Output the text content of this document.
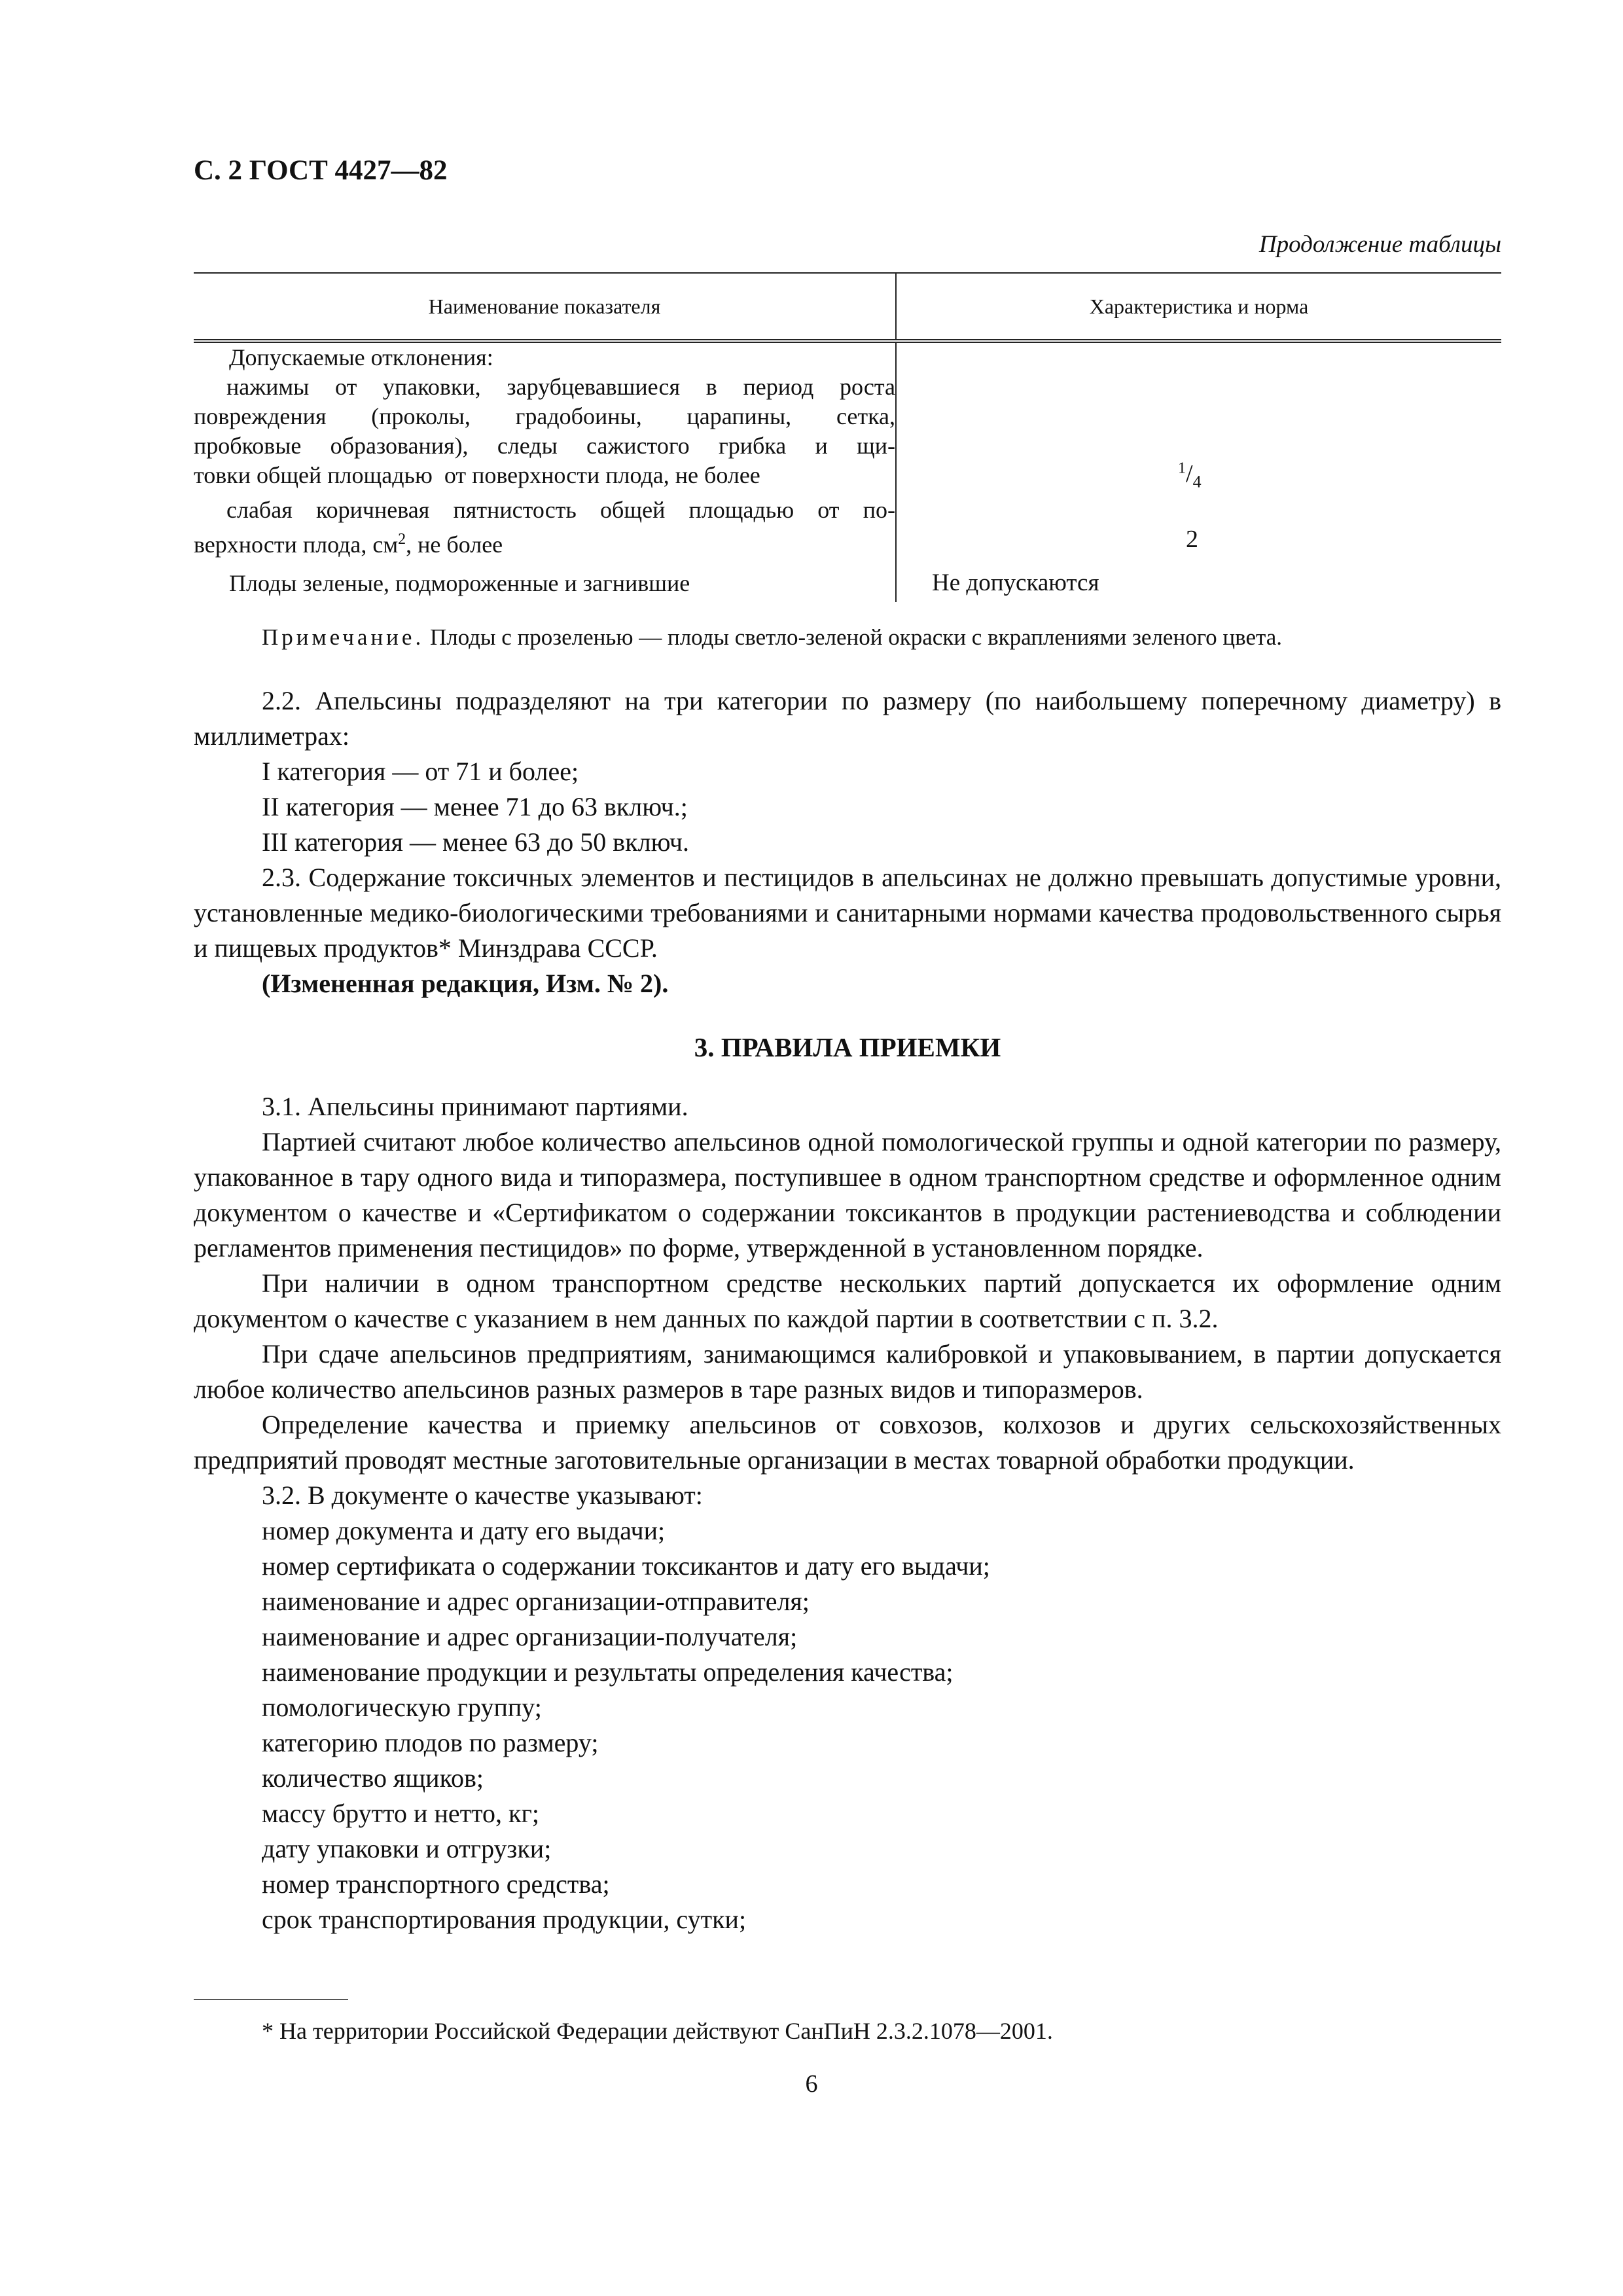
С. 2 ГОСТ 4427—82
Продолжение таблицы
Наименование показателя	Характеристика и норма
Допускаемые отклонения:
нажимы от упаковки, зарубцевавшиеся в период роста
повреждения (проколы, градобоины, царапины, сетка,
пробковые образования), следы сажистого грибка и щи-
товки общей площадью  от поверхности плода, не более
слабая коричневая пятнистость общей площадью от по-
верхности плода, $см^2$, не более
Плоды зеленые, подмороженные и загнившие
$^1/_4$
2
Не допускаются
Примечание. Плоды с прозеленью — плоды светло-зеленой окраски с вкраплениями зеленого цвета.
2.2. Апельсины подразделяют на три категории по размеру (по наибольшему поперечному диаметру) в миллиметрах:
I категория — от 71 и более;
II категория — менее 71 до 63 включ.;
III категория — менее 63 до 50 включ.
2.3. Содержание токсичных элементов и пестицидов в апельсинах не должно превышать допустимые уровни, установленные медико-биологическими требованиями и санитарными нормами качества продовольственного сырья и пищевых продуктов* Минздрава СССР.
(Измененная редакция, Изм. № 2).
3. ПРАВИЛА ПРИЕМКИ
3.1. Апельсины принимают партиями.
Партией считают любое количество апельсинов одной помологической группы и одной категории по размеру, упакованное в тару одного вида и типоразмера, поступившее в одном транспортном средстве и оформленное одним документом о качестве и «Сертификатом о содержании токсикантов в продукции растениеводства и соблюдении регламентов применения пестицидов» по форме, утвержденной в установленном порядке.
При наличии в одном транспортном средстве нескольких партий допускается их оформление одним документом о качестве с указанием в нем данных по каждой партии в соответствии с п. 3.2.
При сдаче апельсинов предприятиям, занимающимся калибровкой и упаковыванием, в партии допускается любое количество апельсинов разных размеров в таре разных видов и типоразмеров.
Определение качества и приемку апельсинов от совхозов, колхозов и других сельскохозяйственных предприятий проводят местные заготовительные организации в местах товарной обработки продукции.
3.2. В документе о качестве указывают:
номер документа и дату его выдачи;
номер сертификата о содержании токсикантов и дату его выдачи;
наименование и адрес организации-отправителя;
наименование и адрес организации-получателя;
наименование продукции и результаты определения качества;
помологическую группу;
категорию плодов по размеру;
количество ящиков;
массу брутто и нетто, кг;
дату упаковки и отгрузки;
номер транспортного средства;
срок транспортирования продукции, сутки;
* На территории Российской Федерации действуют СанПиН 2.3.2.1078—2001.
6
